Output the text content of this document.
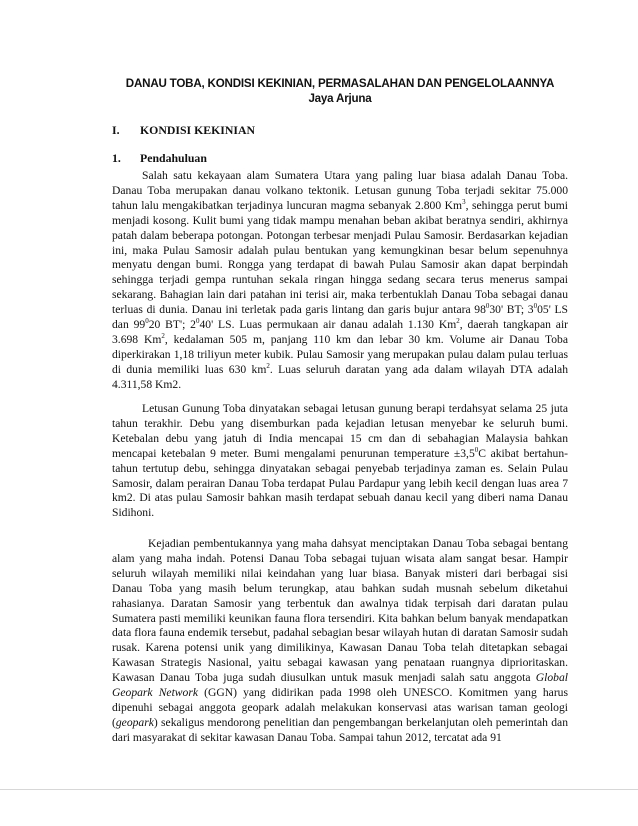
DANAU TOBA, KONDISI KEKINIAN, PERMASALAHAN DAN PENGELOLAANNYA
Jaya Arjuna
I. KONDISI KEKINIAN
1. Pendahuluan

Salah satu kekayaan alam Sumatera Utara yang paling luar biasa adalah Danau Toba. Danau Toba merupakan danau volkano tektonik. Letusan gunung Toba terjadi sekitar 75.000 tahun lalu mengakibatkan terjadinya luncuran magma sebanyak 2.800 Km$^3$, sehingga perut bumi menjadi kosong. Kulit bumi yang tidak mampu menahan beban akibat beratnya sendiri, akhirnya patah dalam beberapa potongan. Potongan terbesar menjadi Pulau Samosir. Berdasarkan kejadian ini, maka Pulau Samosir adalah pulau bentukan yang kemungkinan besar belum sepenuhnya menyatu dengan bumi. Rongga yang terdapat di bawah Pulau Samosir akan dapat berpindah sehingga terjadi gempa runtuhan sekala ringan hingga sedang secara terus menerus sampai sekarang. Bahagian lain dari patahan ini terisi air, maka terbentuklah Danau Toba sebagai danau terluas di dunia. Danau ini terletak pada garis lintang dan garis bujur antara $98^030'$ BT; $3^005'$ LS dan $99^020$ BT'; $2^040'$ LS. Luas permukaan air danau adalah 1.130 Km$^2$, daerah tangkapan air 3.698 Km$^2$, kedalaman 505 m, panjang 110 km dan lebar 30 km. Volume air Danau Toba diperkirakan 1,18 triliyun meter kubik. Pulau Samosir yang merupakan pulau dalam pulau terluas di dunia memiliki luas 630 $km^2$. Luas seluruh daratan yang ada dalam wilayah DTA adalah 4.311,58 Km2.

Letusan Gunung Toba dinyatakan sebagai letusan gunung berapi terdahsyat selama 25 juta tahun terakhir. Debu yang disemburkan pada kejadian letusan menyebar ke seluruh bumi. Ketebalan debu yang jatuh di India mencapai 15 cm dan di sebahagian Malaysia bahkan mencapai ketebalan 9 meter. Bumi mengalami penurunan temperature $\pm 3,5^0C$ akibat bertahun-tahun tertutup debu, sehingga dinyatakan sebagai penyebab terjadinya zaman es. Selain Pulau Samosir, dalam perairan Danau Toba terdapat Pulau Pardapur yang lebih kecil dengan luas area 7 km2. Di atas pulau Samosir bahkan masih terdapat sebuah danau kecil yang diberi nama Danau Sidihoni.

Kejadian pembentukannya yang maha dahsyat menciptakan Danau Toba sebagai bentang alam yang maha indah. Potensi Danau Toba sebagai tujuan wisata alam sangat besar. Hampir seluruh wilayah memiliki nilai keindahan yang luar biasa. Banyak misteri dari berbagai sisi Danau Toba yang masih belum terungkap, atau bahkan sudah musnah sebelum diketahui rahasianya. Daratan Samosir yang terbentuk dan awalnya tidak terpisah dari daratan pulau Sumatera pasti memiliki keunikan fauna flora tersendiri. Kita bahkan belum banyak mendapatkan data flora fauna endemik tersebut, padahal sebagian besar wilayah hutan di daratan Samosir sudah rusak. Karena potensi unik yang dimilikinya, Kawasan Danau Toba telah ditetapkan sebagai Kawasan Strategis Nasional, yaitu sebagai kawasan yang penataan ruangnya diprioritaskan. Kawasan Danau Toba juga sudah diusulkan untuk masuk menjadi salah satu anggota Global Geopark Network (GGN) yang didirikan pada 1998 oleh UNESCO. Komitmen yang harus dipenuhi sebagai anggota geopark adalah melakukan konservasi atas warisan taman geologi (geopark) sekaligus mendorong penelitian dan pengembangan berkelanjutan oleh pemerintah dan dari masyarakat di sekitar kawasan Danau Toba. Sampai tahun 2012, tercatat ada 91
